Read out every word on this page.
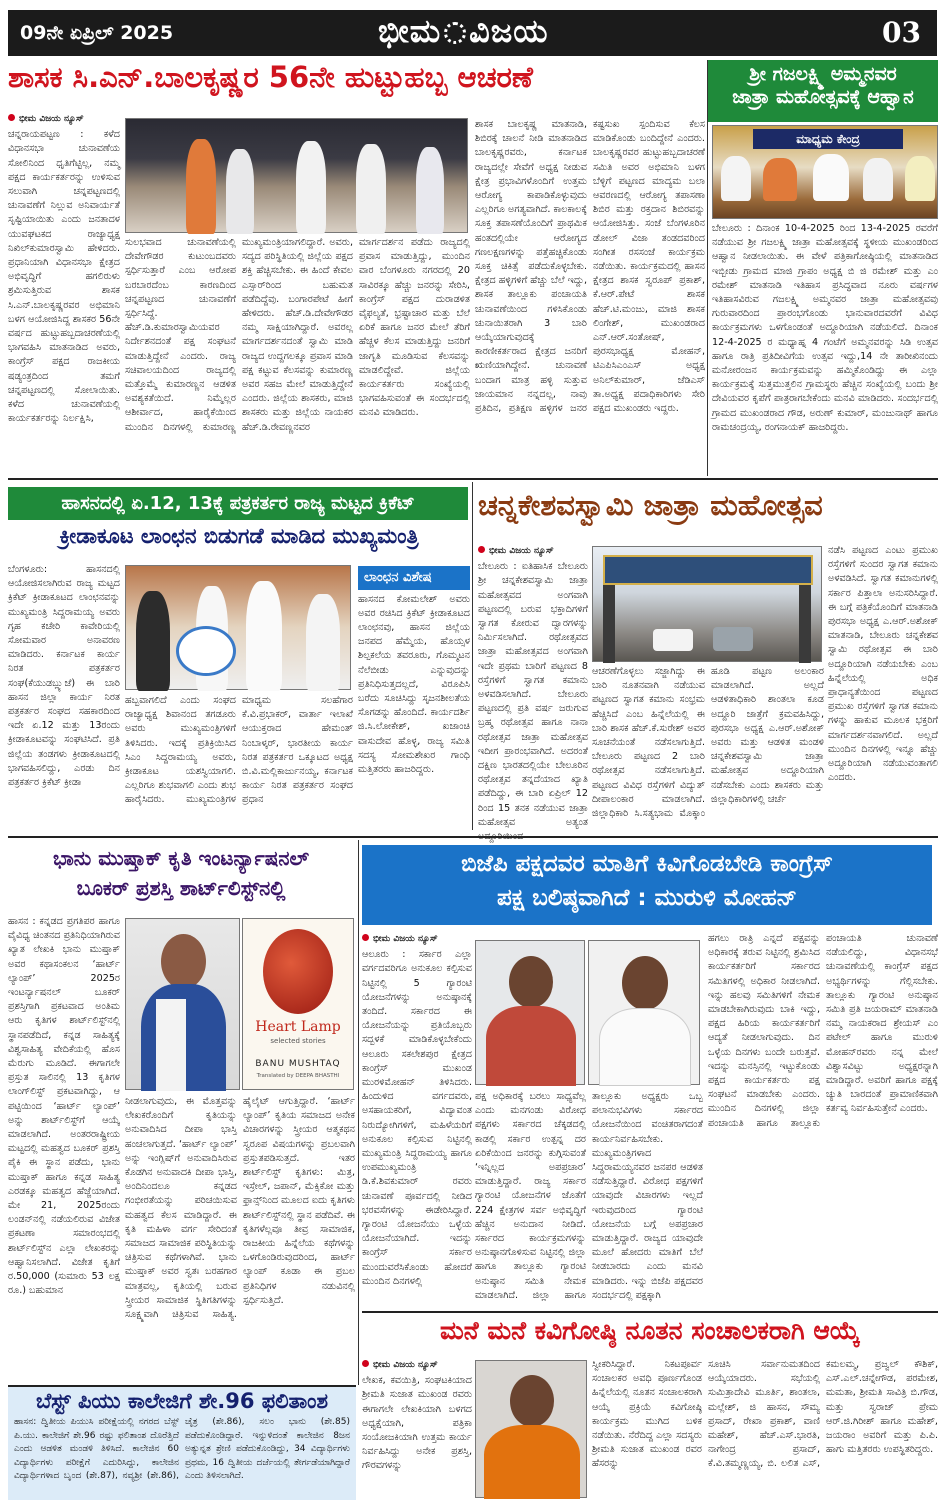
09ನೇ ಏಪ್ರಿಲ್ 2025	ಭೀಮ ವಿಜಯ	03
ಶಾಸಕ ಸಿ.ಎನ್.ಬಾಲಕೃಷ್ಣರ 56ನೇ ಹುಟ್ಟುಹಬ್ಬ ಆಚರಣೆ
ಭೀಮ ವಿಜಯ ನ್ಯೂಸ್
ಚನ್ನರಾಯಪಟ್ಟಣ : ಕಳೆದ ವಿಧಾನಸಭಾ ಚುನಾವಣೆಯ ಸೋಲಿನಿಂದ ಧೃತಿಗೆಟ್ಟಿಲ್ಲ, ನಮ್ಮ ಪಕ್ಷದ ಕಾರ್ಯಕರ್ತರನ್ನು ಉಳಿಸುವ ಸಲುವಾಗಿ ಚನ್ನಪಟ್ಟಣದಲ್ಲಿ ಚುನಾವಣೆಗೆ ನಿಲ್ಲುವ ಅನಿವಾರ್ಯತೆ ಸೃಷ್ಟಿಯಾಯಿತು ಎಂದು ಜನತಾದಳ ಯುವಘಟಕದ ರಾಜ್ಯಾಧ್ಯಕ್ಷ ನಿಖಿಲ್‌ಕುಮಾರಸ್ವಾಮಿ ಹೇಳಿದರು. ಪ್ರಧಾನಿಯಾಗಿ ವಿಧಾನಸಭಾ ಕ್ಷೇತ್ರದ ಅಭಿವೃದ್ಧಿಗೆ ಹಗಲಿರುಳು ಶ್ರಮಿಸುತ್ತಿರುವ ಶಾಸಕ ಸಿ.ಎನ್.ಬಾಲಕೃಷ್ಣರವರ ಅಭಿಮಾನಿ ಬಳಗ ಆಯೋಜಿಸಿದ್ದ ಶಾಸಕರ 56ನೇ ವರ್ಷದ ಹುಟ್ಟುಹಬ್ಬದಾಚರಣೆಯಲ್ಲಿ ಭಾಗವಹಿಸಿ ಮಾತನಾಡಿದ ಅವರು, ಕಾಂಗ್ರೆಸ್ ಪಕ್ಷದ ರಾಜಕೀಯ ಷಡ್ಯಂತ್ರದಿಂದ ತಮಗೆ ಚನ್ನಪಟ್ಟಣದಲ್ಲಿ ಸೋಲಾಯಿತು. ಕಳೆದ ಚುನಾವಣೆಯಲ್ಲಿ ಕಾರ್ಯಕರ್ತರನ್ನು ನಿರ್ಲಕ್ಷಿಸಿ,
ಸುಲಭವಾದ ಚುನಾವಣೆಯಲ್ಲಿ ದೇವೇಗೌಡರ ಕುಟುಂಬದವರು ಸ್ಪರ್ಧಿಸುತ್ತಾರೆ ಎಂಬ ಆರೋಪ ಬರಬಾರದೆಂಬ ಕಾರಣದಿಂದ ಚನ್ನಪಟ್ಟಣದ ಚುನಾವಣೆಗೆ ಸ್ಪರ್ಧಿಸಿದ್ದೆ. ಹೆಚ್.ಡಿ.ಕುಮಾರಸ್ವಾಮಿಯವರ ನಿರ್ದೇಶನದಂತೆ ಪಕ್ಷ ಸಂಘಟನೆ ಮಾಡುತ್ತಿದ್ದೇನೆ ಎಂದರು. ರಾಜ್ಯ ಸಚಿವಾಲಯದಿಂದ ರಾಜ್ಯದಲ್ಲಿ ಮತ್ತೊಮ್ಮೆ ಕುಮಾರಣ್ಣನ ಆಡಳಿತ ಅವಶ್ಯಕತೆಯಿದೆ. ನಿಮ್ಮೆಲ್ಲರ ಆಶೀರ್ವಾದ, ಹಾರೈಕೆಯಿಂದ ಮುಂದಿನ ದಿನಗಳಲ್ಲಿ ಕುಮಾರಣ್ಣ ಮುಖ್ಯಮಂತ್ರಿಯಾಗಲಿದ್ದಾರೆ. ಅವರು, ಸದ್ಯದ ಪರಿಸ್ಥಿತಿಯಲ್ಲಿ ಜಿಲ್ಲೆಯ ಪಕ್ಷದ ಶಕ್ತಿ ಹೆಚ್ಚಿಸಬೇಕು. ಈ ಹಿಂದೆ ಕೇವಲ ಎಸ್ಸಾರ್‌ರಿಂದ ಬಹುಮತ ಪಡೆದಿದ್ದೆವು. ಬಂಗಾರಪೇಟೆ ಹೀಗೆ ಹೇಳಿದರು. ಹೆಚ್.ಡಿ.ದೇವೇಗೌಡರ ನಮ್ಮ ಸಾಕ್ಷಿಯಾಗಿದ್ದಾರೆ. ಅವರಲ್ಲ ಮಾರ್ಗದರ್ಶನದಂತೆ ಸ್ವಾಮಿ ಮಾಡಿ ರಾಜ್ಯದ ಉದ್ದಗಲಕ್ಕೂ ಪ್ರವಾಸ ಮಾಡಿ ಪಕ್ಷ ಕಟ್ಟುವ ಕೆಲಸವನ್ನು ಕುಮಾರಣ್ಣ ಅವರ ಸಹಜ ಮೇಲೆ ಮಾಡುತ್ತಿದ್ದೇನೆ ಎಂದರು. ಜಿಲ್ಲೆಯ ಶಾಸಕರು, ಮಾಜಿ ಶಾಸಕರು ಮತ್ತು ಜಿಲ್ಲೆಯ ನಾಯಕರ ಹೆಚ್.ಡಿ.ರೇವಣ್ಣನವರ ಮಾರ್ಗದರ್ಶನ ಪಡೆದು ರಾಜ್ಯದಲ್ಲಿ ಪ್ರವಾಸ ಮಾಡುತ್ತಿದ್ದು, ಮುಂದಿನ ವಾರ ಬೆಂಗಳೂರು ನಗರದಲ್ಲಿ 20 ಸಾವಿರಕ್ಕೂ ಹೆಚ್ಚು ಜನರನ್ನು ಸೇರಿಸಿ, ಕಾಂಗ್ರೆಸ್ ಪಕ್ಷದ ದುರಾಡಳಿತ ವೈಫಲ್ಯತೆ, ಭ್ರಷ್ಟಾಚಾರ ಮತ್ತು ಬೆಲೆ ಏರಿಕೆ ಹಾಗೂ ಜನರ ಮೇಲೆ ತೆರಿಗೆ ಹೆಚ್ಚಳ ಕೆಲಸ ಮಾಡುತ್ತಿದ್ದು ಜನರಿಗೆ ಜಾಗೃತಿ ಮೂಡಿಸುವ ಕೆಲಸವನ್ನು ಮಾಡಲಿದ್ದೇವೆ. ಜಿಲ್ಲೆಯ ಕಾರ್ಯಕರ್ತರು ಸಂಖ್ಯೆಯಲ್ಲಿ ಭಾಗವಹಿಸುವಂತೆ ಈ ಸಂದರ್ಭದಲ್ಲಿ ಮನವಿ ಮಾಡಿದರು.
ಶಾಸಕ ಬಾಲಕೃಷ್ಣ ಮಾತನಾಡಿ, ಶಿಬಿರಕ್ಕೆ ಚಾಲನೆ ನೀಡಿ ಮಾತನಾಡಿದ ಬಾಲಕೃಷ್ಣರವರು, ಕರ್ನಾಟಕ ರಾಜ್ಯದಲ್ಲೇ ಸೇವೆಗೆ ಅಧ್ಯಕ್ಷ ನೀಡುವ ಕ್ಷೇತ್ರ ಪ್ರಭಾವಿಗಳೊಂದಿಗೆ ಉತ್ತಮ ಆರೋಗ್ಯ ಕಾಪಾಡಿಕೊಳ್ಳುವುದು ಎಲ್ಲರಿಗೂ ಅಗತ್ಯವಾಗಿದೆ. ಕಾಲಕಾಲಕ್ಕೆ ಸೂಕ್ತ ತಪಾಸಣೆಯೊಂದಿಗೆ ಪ್ರಾಥಮಿಕ ಹಂತದಲ್ಲಿಯೇ ಆರೋಗ್ಯದ ಗಣಲಕ್ಷಣಗಳನ್ನು ಪತ್ತೆಹಚ್ಚಿಕೊಂಡು ಸೂಕ್ತ ಚಿಕಿತ್ಸೆ ಪಡೆದುಕೊಳ್ಳಬೇಕು. ಕ್ಷೇತ್ರದ ಹಳ್ಳಿಗಳಿಗೆ ಹೆಚ್ಚು ಬೆಲೆ ಇದ್ದು, ಶಾಸಕ ತಾಲ್ಲೂಕು ಪಂಚಾಯತಿ ಚುನಾವಣೆಯಿಂದ ಗಳಿಸಿಕೊಂಡು ಚುನಾಯಿತರಾಗಿ 3 ಬಾರಿ ಆಯ್ಕೆಯಾಗುವುದಕ್ಕೆ ಕಾರಣೀಕರ್ತರಾದ ಕ್ಷೇತ್ರದ ಜನರಿಗೆ ಋಣಿಯಾಗಿದ್ದೇನೆ. ಚುನಾವಣೆ ಬಂದಾಗ ಮಾತ್ರ ಹಳ್ಳಿ ಸುತ್ತುವ ಜಾಯಮಾನ ನನ್ನದಲ್ಲ, ನಾವು ಪ್ರತಿದಿನ, ಪ್ರತಿಕ್ಷಣ ಹಳ್ಳಿಗಳ ಜನರ ಕಷ್ಟಸುಖ ಸ್ಪಂದಿಸುವ ಕೆಲಸ ಮಾಡಿಕೊಂಡು ಬಂದಿದ್ದೇನೆ ಎಂದರು. ಬಾಲಕೃಷ್ಣರವರ ಹುಟ್ಟುಹಬ್ಬದಾಚರಣೆ ಸಮಿತಿ ಅವರ ಅಭಿಮಾನಿ ಬಳಗ ಬೆಳ್ಳಿಗೆ ಪಟ್ಟಣದ ಮಾದ್ಯಮ ಬಲಾ ಆವರಣದಲ್ಲಿ ಆರೋಗ್ಯ ತಪಾಸಣಾ ಶಿಬಿರ ಮತ್ತು ರಕ್ತದಾನ ಶಿಬಿರವನ್ನು ಆಯೋಜಿಸಿತ್ತು. ಸಂಜೆ ಬೆಂಗಳೂರಿನ ಡೋಲ್ ವಿಜಾ ತಂಡದವರಿಂದ ಸಂಗೀತ ರಸಸಂಜೆ ಕಾರ್ಯಕ್ರಮ ನಡೆಯಿತು. ಕಾರ್ಯಕ್ರಮದಲ್ಲಿ ಹಾಸನ ಕ್ಷೇತ್ರದ ಶಾಸಕ ಸ್ವರೂಪ್ ಪ್ರಕಾಶ್, ಕೆ.ಆರ್.ಪೇಟೆ ಶಾಸಕ ಹೆಚ್.ಟಿ.ಮಂಜು, ಮಾಜಿ ಶಾಸಕ ಲಿಂಗೇಶ್, ಮುಖಂಡರಾದ ಎನ್.ಆರ್.ಸಂತೋಷ್, ಪುರಸಭಾಧ್ಯಕ್ಷ ಮೋಹನ್, ಟಿಎಪಿಸಿಎಂಎಸ್ ಅಧ್ಯಕ್ಷ ಅನಿಲ್‌ಕುಮಾರ್, ಜೆಡಿಎಸ್ ತಾ.ಅಧ್ಯಕ್ಷ ಪದಾಧಿಕಾರಿಗಳು ಸೇರಿ ಪಕ್ಷದ ಮುಖಂಡರು ಇದ್ದರು.
ಶ್ರೀ ಗಜಲಕ್ಷ್ಮಿ ಅಮ್ಮನವರ
ಜಾತ್ರಾ ಮಹೋತ್ಸವಕ್ಕೆ ಆಹ್ವಾನ
ಮಾಧ್ಯಮ ಕೇಂದ್ರ
ಬೇಲೂರು : ದಿನಾಂಕ 10-4-2025 ರಿಂದ 13-4-2025 ರವರೆಗೆ ನಡೆಯುವ ಶ್ರೀ ಗಜಲಕ್ಷ್ಮಿ ಜಾತ್ರಾ ಮಹೋತ್ಸವಕ್ಕೆ ಸ್ಥಳೀಯ ಮುಖಂಡರಿಂದ ಆಹ್ವಾನ ನೀಡಲಾಯಿತು. ಈ ವೇಳೆ ಪತ್ರಿಕಾಗೋಷ್ಠಿಯಲ್ಲಿ ಮಾತನಾಡಿದ ಇಬ್ಬೀಡು ಗ್ರಾಮದ ಮಾಜಿ ಗ್ರಾಪಂ ಅಧ್ಯಕ್ಷ ಬಿ ಜಿ ರಮೇಶ್ ಮತ್ತು ಎಂ ರಮೇಶ್ ಮಾತನಾಡಿ ಇತಿಹಾಸ ಪ್ರಸಿದ್ಧವಾದ ನೂರು ವರ್ಷಗಳ ಇತಿಹಾಸವಿರುವ ಗಜಲಕ್ಷ್ಮಿ ಅಮ್ಮನವರ ಜಾತ್ರಾ ಮಹೋತ್ಸವವು ಗುರುವಾರದಿಂದ ಪ್ರಾರಂಭಗೊಂಡು ಭಾನುವಾರದವರೆಗೆ ವಿವಿಧ ಕಾರ್ಯಕ್ರಮಗಳು ಒಳಗೊಂಡಂತೆ ಅದ್ದೂರಿಯಾಗಿ ನಡೆಯಲಿದೆ. ದಿನಾಂಕ 12-4-2025 ರ ಮಧ್ಯಾಹ್ನ 4 ಗಂಟೆಗೆ ಅಮ್ಮನವರನ್ನು ಸಿಡಿ ಉತ್ಸವ ಹಾಗೂ ರಾತ್ರಿ ಪ್ರತಿದೀವಿಗೆಯ ಉತ್ಸವ ಇದ್ದು,14 ನೇ ತಾರೀಖಿನಂದು ಮನೋರಂಜನ ಕಾರ್ಯಕ್ರಮವನ್ನು ಹಮ್ಮಿಕೊಂಡಿದ್ದು ಈ ಎಲ್ಲಾ ಕಾರ್ಯಕ್ರಮಕ್ಕೆ ಸುತ್ತಮುತ್ತಲಿನ ಗ್ರಾಮಸ್ಥರು ಹೆಚ್ಚಿನ ಸಂಖ್ಯೆಯಲ್ಲಿ ಬಂದು ಶ್ರೀ ದೇವಿಯವರ ಕೃಪೆಗೆ ಪಾತ್ರರಾಗಬೇಕೆಂದು ಮನವಿ ಮಾಡಿದರು. ಸಂದರ್ಭದಲ್ಲಿ ಗ್ರಾಮದ ಮುಖಂಡರಾದ ಗೌಡ, ಅರುಣ್ ಕುಮಾರ್, ಮಂಜುನಾಥ್ ಹಾಗೂ ರಾಮಚಂದ್ರಯ್ಯ, ರಂಗನಾಯಕ್ ಹಾಜರಿದ್ದರು.
ಹಾಸನದಲ್ಲಿ ಏ.12, 13ಕ್ಕೆ ಪತ್ರಕರ್ತರ ರಾಜ್ಯ ಮಟ್ಟದ ಕ್ರಿಕೆಟ್
ಕ್ರೀಡಾಕೂಟ ಲಾಂಛನ ಬಿಡುಗಡೆ ಮಾಡಿದ ಮುಖ್ಯಮಂತ್ರಿ
ಬೆಂಗಳೂರು: ಹಾಸನದಲ್ಲಿ ಆಯೋಜಿಸಲಾಗಿರುವ ರಾಜ್ಯ ಮಟ್ಟದ ಕ್ರಿಕೆಟ್ ಕ್ರೀಡಾಕೂಟದ ಲಾಂಛನವನ್ನು ಮುಖ್ಯಮಂತ್ರಿ ಸಿದ್ದರಾಮಯ್ಯ ಅವರು ಗೃಹ ಕಚೇರಿ ಕಾವೇರಿಯಲ್ಲಿ ಸೋಮವಾರ ಅನಾವರಣ ಮಾಡಿದರು. ಕರ್ನಾಟಕ ಕಾರ್ಯ ನಿರತ ಪತ್ರಕರ್ತರ ಸಂಘ(ಕೆಯುಡಬ್ಲ್ಯುಜೆ) ಈ ಬಾರಿ ಹಾಸನ ಜಿಲ್ಲಾ ಕಾರ್ಯ ನಿರತ ಪತ್ರಕರ್ತರ ಸಂಘದ ಸಹಕಾರದಿಂದ ಇದೇ ಏ.12 ಮತ್ತು 13ರಂದು ಕ್ರೀಡಾಕೂಟವನ್ನು ಸಂಘಟಿಸಿದೆ. ಪ್ರತಿ ಜಿಲ್ಲೆಯ ತಂಡಗಳು ಕ್ರೀಡಾಕೂಟದಲ್ಲಿ ಭಾಗವಹಿಸಲಿದ್ದು, ಎರಡು ದಿನ ಪತ್ರಕರ್ತರ ಕ್ರಿಕೆಟ್ ಕ್ರೀಡಾ
ಹಬ್ಬವಾಗಲಿದೆ ಎಂದು ಸಂಘದ ರಾಜ್ಯಾಧ್ಯಕ್ಷ ಶಿವಾನಂದ ತಗಡೂರು ಅವರು ಮುಖ್ಯಮಂತ್ರಿಗಳಿಗೆ ತಿಳಿಸಿದರು. ಇದಕ್ಕೆ ಪ್ರತಿಕ್ರಿಯಿಸಿದ ಸಿಎಂ ಸಿದ್ದರಾಮಯ್ಯ ಅವರು, ಕ್ರೀಡಾಕೂಟ ಯಶಸ್ವಿಯಾಗಲಿ. ಎಲ್ಲರಿಗೂ ಶುಭವಾಗಲಿ ಎಂದು ಶುಭ ಹಾರೈಸಿದರು. ಮುಖ್ಯಮಂತ್ರಿಗಳ ಮಾಧ್ಯಮ ಸಲಹೆಗಾರ ಕೆ.ವಿ.ಪ್ರಭಾಕರ್, ವಾರ್ತಾ ಇಲಾಖೆ ಆಯುಕ್ತರಾದ ಹೇಮಂತ್ ನಿಂಬಾಳ್ಕರ್, ಭಾರತೀಯ ಕಾರ್ಯ ನಿರತ ಪತ್ರಕರ್ತರ ಒಕ್ಕೂಟದ ಅಧ್ಯಕ್ಷ ಬಿ.ವಿ.ಮಲ್ಲಿಕಾರ್ಜುನಯ್ಯ, ಕರ್ನಾಟಕ ಕಾರ್ಯ ನಿರತ ಪತ್ರಕರ್ತರ ಸಂಘದ ಪ್ರಧಾನ
ಲಾಂಛನ ವಿಶೇಷ
ಹಾಸನದ ಕೋಮಲೇಶ್ ಅವರು ಅವರ ರಚಿಸಿದ ಕ್ರಿಕೆಟ್ ಕ್ರೀಡಾಕೂಟದ ಲಾಂಛನವು, ಹಾಸನ ಜಿಲ್ಲೆಯ ಜನಪದ ಹೆಮ್ಮೆಯ, ಹೊಯ್ಸಳ ಶಿಲ್ಪಕಲೆಯ ತವರೂರು, ಗೊಮ್ಮಟನ ನೆಲೆಬೀಡು ಎನ್ನುವುದನ್ನು ಪ್ರತಿನಿಧಿಸುತ್ತದಲ್ಲದೆ, ವಿರೂಪಿಸಿ ಬರೆದು ಸೂಚಿಸಿದ್ದು ಸೃಜನಶೀಲತೆಯ ಸೊಗಡನ್ನು ಹೊಂದಿದೆ. ಕಾರ್ಯದರ್ಶಿ ಜಿ.ಸಿ.ಲೋಕೇಶ್, ಖಜಾಂಚಿ ವಾಸುದೇವ ಹೊಳ್ಳ, ರಾಜ್ಯ ಸಮಿತಿ ಸದಸ್ಯ ಸೋಮಶೇಖರ ಗಾಂಧಿ ಮತ್ತಿತರರು ಹಾಜರಿದ್ದರು.
ಚನ್ನಕೇಶವಸ್ವಾಮಿ ಜಾತ್ರಾ ಮಹೋತ್ಸವ
ಭೀಮ ವಿಜಯ ನ್ಯೂಸ್
ಬೇಲೂರು : ಐತಿಹಾಸಿಕ ಬೇಲೂರು ಶ್ರೀ ಚನ್ನಕೇಶವಸ್ವಾಮಿ ಜಾತ್ರಾ ಮಹೋತ್ಸವದ ಅಂಗವಾಗಿ ಪಟ್ಟಣದಲ್ಲಿ ಬರುವ ಭಕ್ತಾದಿಗಳಿಗೆ ಸ್ವಾಗತ ಕೋರುವ ದ್ವಾರಗಳನ್ನು ನಿರ್ಮಿಸಲಾಗಿದೆ. ರಥೋತ್ಸವದ ಜಾತ್ರಾ ಮಹೋತ್ಸವದ ಅಂಗವಾಗಿ ಇದೇ ಪ್ರಥಮ ಬಾರಿಗೆ ಪಟ್ಟಣದ 8 ರಸ್ತೆಗಳಿಗೆ ಸ್ವಾಗತ ಕಮಾನು ಅಳವಡಿಸಲಾಗಿದೆ. ಬೇಲೂರು ಪಟ್ಟಣದಲ್ಲಿ ಪ್ರತಿ ವರ್ಷ ಜರುಗುವ ಬ್ರಹ್ಮ ರಥೋತ್ಸವ ಹಾಗೂ ನಾನಾ ರಥೋತ್ಸವ ಜಾತ್ರಾ ಮಹೋತ್ಸವ ಇದೀಗ ಪ್ರಾರಂಭವಾಗಿದೆ. ಅದರಂತೆ ದಕ್ಷಿಣ ಭಾರತದಲ್ಲಿಯೇ ಬೇಲೂರಿನ ರಥೋತ್ಸವ ತನ್ನದೆಯಾದ ಖ್ಯಾತಿ ಪಡೆದಿದ್ದು, ಈ ಬಾರಿ ಏಪ್ರಿಲ್ 12 ರಿಂದ 15 ತನಕ ನಡೆಯುವ ಜಾತ್ರಾ ಮಹೋತ್ಸವ ಅತ್ಯಂತ
ಆಚರಣೆಗೊಳ್ಳಲು ಸಜ್ಜಾಗಿದ್ದು ಈ ಬಾರಿ ನೂತನವಾಗಿ ನಡೆಯುವ ಪಟ್ಟಣದ ಸ್ವಾಗತ ಕಮಾನು ಸಂಭ್ರಮ ಹೆಚ್ಚಿಸಿದೆ ಎಂಬ ಹಿನ್ನೆಲೆಯಲ್ಲಿ ಈ ಬಾರಿ ಶಾಸಕ ಹೆಚ್.ಕೆ.ಸುರೇಶ್ ಅವರ ಸೂಚನೆಯಂತೆ ನಡೆಸಲಾಗುತ್ತಿದೆ. ಬೇಲೂರು ಪಟ್ಟಣದ 2 ಬಾರಿ ರಥೋತ್ಸವ ನಡೆಸಲಾಗುತ್ತಿದೆ. ಪಟ್ಟಣದ ವಿವಿಧ ರಸ್ತೆಗಳಿಗೆ ವಿದ್ಯುತ್ ದೀಪಾಲಂಕಾರ ಮಾಡಲಾಗಿದೆ. ಜಿಲ್ಲಾಧಿಕಾರಿ ಸಿ.ಸತ್ಯಭಾಮ ಮೊಕ್ಕಾಂ ಹೂಡಿ ಪಟ್ಟಣ ಅಲಂಕಾರ ಮಾಡಲಾಗಿದೆ. ಅಲ್ಲದೆ ಆಡಳಿತಾಧಿಕಾರಿ ಶಾಂತಲಾ ಕೂಡ ಅದ್ದೂರಿ ಜಾತ್ರೆಗೆ ಕ್ರಮವಹಿಸಿದ್ದು, ಪುರಸಭಾ ಅಧ್ಯಕ್ಷ ಎ.ಆರ್.ಅಶೋಕ್ ಅವರು ಮತ್ತು ಆಡಳಿತ ಮಂಡಳಿ ಚನ್ನಕೇಶವಸ್ವಾಮಿ ಜಾತ್ರಾ ಮಹೋತ್ಸವ ಅದ್ದೂರಿಯಾಗಿ ನಡೆಸಬೇಕು ಎಂದು ಶಾಸಕರು ಮತ್ತು ಜಿಲ್ಲಾಧಿಕಾರಿಗಳಲ್ಲಿ ಚರ್ಚೆ
ನಡೆಸಿ ಪಟ್ಟಣದ ಎಂಟು ಪ್ರಮುಖ ರಸ್ತೆಗಳಿಗೆ ಸುಂದರ ಸ್ವಾಗತ ಕಮಾನು ಅಳವಡಿಸಿದೆ. ಸ್ವಾಗತ ಕಮಾನುಗಳಲ್ಲಿ ಸರ್ಕಾರ ಪಿತ್ತಾಲಾ ಅನುಸರಿಸಿದ್ದಾರೆ. ಈ ಬಗ್ಗೆ ಪತ್ರಿಕೆಯೊಂದಿಗೆ ಮಾತನಾಡಿ ಪುರಸಭಾ ಅಧ್ಯಕ್ಷ ಎ.ಆರ್.ಅಶೋಕ್ ಮಾತನಾಡಿ, ಬೇಲೂರು ಚನ್ನಕೇಶವ ಸ್ವಾಮಿ ರಥೋತ್ಸವ ಈ ಬಾರಿ ಅದ್ದೂರಿಯಾಗಿ ನಡೆಯಬೇಕು ಎಂಬ ಹಿನ್ನೆಲೆಯಲ್ಲಿ ಅಧಿಕ ಪ್ರಾಧಾನ್ಯತೆಯಿಂದ ಪಟ್ಟಣದ ಪ್ರಮುಖ ರಸ್ತೆಗಳಿಗೆ ಸ್ವಾಗತ ಕಮಾನು ಗಳನ್ನು ಹಾಕುವ ಮೂಲಕ ಭಕ್ತರಿಗೆ ಮಾರ್ಗದರ್ಶನವಾಗಲಿದೆ. ಅಲ್ಲದೆ ಮುಂದಿನ ದಿನಗಳಲ್ಲಿ ಇನ್ನೂ ಹೆಚ್ಚು ಅದ್ದೂರಿಯಾಗಿ ನಡೆಯುವಂತಾಗಲಿ ಎಂದರು.
ಭಾನು ಮುಷ್ತಾಕ್ ಕೃತಿ ಇಂಟರ್ನ್ಯಾಷನಲ್
ಬೂಕರ್ ಪ್ರಶಸ್ತಿ ಶಾರ್ಟ್‌ಲಿಸ್ಟ್‌ನಲ್ಲಿ
ಹಾಸನ : ಕನ್ನಡದ ಪ್ರಗತಿಪರ ಹಾಗೂ ವೈವಿಧ್ಯ ಚಿಂತನದ ಪ್ರತಿನಿಧಿಯಾಗಿರುವ ಖ್ಯಾತ ಲೇಖಕಿ ಭಾನು ಮುಷ್ತಾಕ್ ಅವರ ಕಥಾಸಂಕಲನ ‘ಹಾರ್ಟ್ ಲ್ಯಾಂಪ್’ 2025ರ ಇಂಟರ್ನ್ಯಾಷನಲ್ ಬೂಕರ್ ಪ್ರಶಸ್ತಿಗಾಗಿ ಪ್ರಕಟವಾದ ಅಂತಿಮ ಆರು ಕೃತಿಗಳ ಶಾರ್ಟ್‌ಲಿಸ್ಟ್‌ನಲ್ಲಿ ಸ್ಥಾನಪಡೆದಿದೆ, ಕನ್ನಡ ಸಾಹಿತ್ಯಕ್ಕೆ ವಿಶ್ವಸಾಹಿತ್ಯ ವೇದಿಕೆಯಲ್ಲಿ ಹೊಸ ಮೆರುಗು ಮೂಡಿದೆ. ಈಗಾಗಲೇ ಪ್ರಸ್ತುತ ಸಾಲಿನಲ್ಲಿ 13 ಕೃತಿಗಳ ಲಾಂಗ್‌ಲಿಸ್ಟ್ ಪ್ರಕಟವಾಗಿದ್ದು, ಆ ಪಟ್ಟಿಯಿಂದ ‘ಹಾರ್ಟ್ ಲ್ಯಾಂಪ್’ ಅನ್ನು ಶಾರ್ಟ್‌ಲಿಸ್ಟ್‌ಗೆ ಆಯ್ಕೆ ಮಾಡಲಾಗಿದೆ. ಅಂತರರಾಷ್ಟ್ರೀಯ ಮಟ್ಟದಲ್ಲಿ ಮಹತ್ವದ ಬೂಕರ್ ಪ್ರಶಸ್ತಿ ಪೈಕಿ ಈ ಸ್ಥಾನ ಪಡೆದು, ಭಾನು ಮುಷ್ತಾಕ್ ಹಾಗೂ ಕನ್ನಡ ಸಾಹಿತ್ಯ ಎರಡಕ್ಕೂ ಮಹತ್ವದ ಹೆಜ್ಜೆಯಾಗಿದೆ. ಮೇ 21, 2025ರಂದು ಲಂಡನ್‌ನಲ್ಲಿ ನಡೆಯಲಿರುವ ವಿಜೇತ ಪ್ರಕಟಣಾ ಸಮಾರಂಭದಲ್ಲಿ ಶಾರ್ಟ್‌ಲಿಸ್ಟ್‌ನ ಎಲ್ಲಾ ಲೇಖಕರನ್ನು ಆಹ್ವಾನಿಸಲಾಗಿದೆ. ವಿಜೇತ ಕೃತಿಗೆ ರ.50,000 (ಸುಮಾರು 53 ಲಕ್ಷ ರೂ.) ಬಹುಮಾನ
Heart Lamp
selected stories
BANU MUSHTAQ
Translated by DEEPA BHASTHI
ನೀಡಲಾಗುವುದು, ಈ ಮೊತ್ತವನ್ನು ಲೇಖಕರೊಂದಿಗೆ ಕೃತಿಯನ್ನು ಅನುವಾದಿಸಿದ ದೀಪಾ ಭಾಸ್ತಿ ಹಂಚಲಾಗುತ್ತದೆ. ‘ಹಾರ್ಟ್ ಲ್ಯಾಂಪ್’ ಅನ್ನು ಇಂಗ್ಲಿಷ್‌ಗೆ ಅನುವಾದಿಸಿರುವ ಕೊಡಗಿನ ಅನುವಾದಕಿ ದೀಪಾ ಭಾಸ್ತಿ, ಅಂದಿನಿಂದಲೂ ಕನ್ನಡದ ಗಂಭೀರತೆಯನ್ನು ಪರಿಚಯಿಸುವ ಮಹತ್ವದ ಕೆಲಸ ಮಾಡಿದ್ದಾರೆ. ಈ ಕೃತಿ ಮಹಿಳಾ ವರ್ಗ ಸೇರಿದಂತೆ ಸಮಾಜದ ಸಾಮಾಜಿಕ ಪರಿಸ್ಥಿತಿಯನ್ನು ಚಿತ್ರಿಸುವ ಕಥೆಗಳಾಗಿವೆ. ಭಾನು ಮುಷ್ತಾಕ್ ಅವರ ಸ್ವತಃ ಬರಹಗಾರ ಮಾತ್ರವಲ್ಲ, ಕೃತಿಯಲ್ಲಿ ಬರುವ ಸ್ತ್ರೀಯರ ಸಾಮಾಜಿಕ ಸ್ಥಿತಿಗತಿಗಳನ್ನು ಸೂಕ್ಷ್ಮವಾಗಿ ಚಿತ್ರಿಸುವ ಸಾಹಿತ್ಯ. ಹೈಲೈಟ್ ಆಗುತ್ತಿದ್ದಾರೆ. ‘ಹಾರ್ಟ್ ಲ್ಯಾಂಪ್’ ಕೃತಿಯ ಸಮಾಜದ ಅನೇಕ ವಿಚಾರಗಳನ್ನು ಸ್ತ್ರೀಯರ ಆತ್ಮಕಥನ ಸ್ವರೂಪ ವಿಷಯಗಳನ್ನು ಪ್ರಬಲವಾಗಿ ಪ್ರಸ್ತುತಪಡಿಸುತ್ತದೆ. ಇತರ ಶಾರ್ಟ್‌ಲಿಸ್ಟ್ ಕೃತಿಗಳು: ಮಿತ್ರ, ಇಸ್ರೇಲ್, ಜಪಾನ್, ಮೆಕ್ಸಿಕೋ ಮತ್ತು ಫ್ರಾನ್ಸ್‌ನಿಂದ ಮೂಲದ ಐದು ಕೃತಿಗಳು ಶಾರ್ಟ್‌ಲಿಸ್ಟ್‌ನಲ್ಲಿ ಸ್ಥಾನ ಪಡೆದಿವೆ. ಈ ಕೃತಿಗಳೆಲ್ಲವೂ ತೀವ್ರ ಸಾಮಾಜಿಕ, ರಾಜಕೀಯ ಹಿನ್ನೆಲೆಯ ಕಥೆಗಳನ್ನು ಒಳಗೊಂಡಿರುವುದರಿಂದ, ಹಾರ್ಟ್ ಲ್ಯಾಂಪ್ ಕೂಡಾ ಈ ಪ್ರಬಲ ಪ್ರತಿನಿಧಿಗಳ ನಡುವಿನಲ್ಲಿ ಸ್ಪರ್ಧಿಸುತ್ತಿದೆ.
ಬಿಜೆಪಿ ಪಕ್ಷದವರ ಮಾತಿಗೆ ಕಿವಿಗೊಡಬೇಡಿ ಕಾಂಗ್ರೆಸ್
ಪಕ್ಷ ಬಲಿಷ್ಠವಾಗಿದೆ : ಮುರುಳಿ ಮೋಹನ್
ಭೀಮ ವಿಜಯ ನ್ಯೂಸ್
ಆಲೂರು : ಸರ್ಕಾರ ಎಲ್ಲಾ ವರ್ಗದವರಿಗೂ ಅನುಕೂಲ ಕಲ್ಪಿಸುವ ನಿಟ್ಟಿನಲ್ಲಿ 5 ಗ್ಯಾರಂಟಿ ಯೋಜನೆಗಳನ್ನು ಅನುಷ್ಠಾನಕ್ಕೆ ತಂದಿದೆ. ಸರ್ಕಾರದ ಈ ಯೋಜನೆಯನ್ನು ಪ್ರತಿಯೊಬ್ಬರು ಸದ್ಬಳಕೆ ಮಾಡಿಕೊಳ್ಳಬೇಕೆಂದು ಆಲೂರು ಸಕಲೇಶಪುರ ಕ್ಷೇತ್ರದ ಕಾಂಗ್ರೆಸ್ ಮುಖಂಡ ಮುರಳಿಮೋಹನ್ ತಿಳಿಸಿದರು. ಹಿಂದುಳಿದ ವರ್ಗದವರು, ಅಸಹಾಯಕರಿಗೆ, ವಿದ್ಯಾವಂತ ನಿರುದ್ಯೋಗಿಗಳಿಗೆ, ಮಹಿಳೆಯರಿಗೆ ಅನುಕೂಲ ಕಲ್ಪಿಸುವ ನಿಟ್ಟಿನಲ್ಲಿ ಮುಖ್ಯಮಂತ್ರಿ ಸಿದ್ದರಾಮಯ್ಯ ಹಾಗೂ ಉಪಮುಖ್ಯಮಂತ್ರಿ ಡಿ.ಕೆ.ಶಿವಕುಮಾರ್ ರವರು ಚುನಾವಣೆ ಪೂರ್ವದಲ್ಲಿ ನೀಡಿದ ಭರವಸೆಗಳನ್ನು ಈಡೇರಿಸಿದ್ದಾರೆ. ಗ್ಯಾರಂಟಿ ಯೋಜನೆಯು ಒಳ್ಳೆಯ ಯೋಜನೆಯಾಗಿದೆ. ಇದನ್ನು ಕಾಂಗ್ರೆಸ್ ಸರ್ಕಾರ ಮುಂದುವರೆಸಿಕೊಂಡು ಹೋದರೆ ಮುಂದಿನ ದಿನಗಳಲ್ಲಿ
ಪಕ್ಷ ಅಧಿಕಾರಕ್ಕೆ ಬರಲು ಸಾಧ್ಯವೆಲ್ಲ ಎಂದು ಮನಗಂಡು ವಿರೋಧ ಪಕ್ಷಗಳು ಸರ್ಕಾರದ ಚೆಕ್ಕಡದಲ್ಲಿ ಕಾಡಲ್ಲಿ ಸರ್ಕಾರ ಉತ್ಪನ್ನ ದರ ಏರಿಕೆಯಿಂದ ಜನರನ್ನು ಕುಗ್ಗಿಸುವಂತೆ ‘ಇನ್ನಿಲ್ಲದ ಅಪಪ್ರಚಾರ’ ಮಾಡುತ್ತಿದ್ದಾರೆ. ರಾಜ್ಯ ಸರ್ಕಾರ ಗ್ಯಾರಂಟಿ ಯೋಜನೆಗಳ ಜೊತೆಗೆ 224 ಕ್ಷೇತ್ರಗಳ ಸರ್ವ ಅಭಿವೃದ್ಧಿಗೆ ಹೆಚ್ಚಿನ ಅನುದಾನ ನೀಡಿದೆ. ಸರ್ಕಾರದ ಕಾರ್ಯಕ್ರಮಗಳನ್ನು ಅನುಷ್ಠಾನಗೊಳಿಸುವ ನಿಟ್ಟಿನಲ್ಲಿ ಜಿಲ್ಲಾ ಹಾಗೂ ತಾಲ್ಲೂಕು ಗ್ಯಾರಂಟಿ ಅನುಷ್ಠಾನ ಸಮಿತಿ ನೇಮಕ ಮಾಡಲಾಗಿದೆ. ಜಿಲ್ಲಾ ಹಾಗೂ ತಾಲ್ಲೂಕು ಅಧ್ಯಕ್ಷರು ಒಬ್ಬ ಪಲಾನುಭವಿಗಳು ಸರ್ಕಾರದ ಯೋಜನೆಯಿಂದ ವಂಚಿತರಾಗದಂತೆ ಕಾರ್ಯನಿರ್ವಹಿಸಬೇಕು. ಮುಖ್ಯಮಂತ್ರಿಗಳಾದ ಸಿದ್ದರಾಮಯ್ಯನವರ ಜನಪರ ಆಡಳಿತ ನಡೆಸುತ್ತಿದ್ದಾರೆ. ವಿರೋಧ ಪಕ್ಷಗಳಿಗೆ ಯಾವುದೇ ವಿಚಾರಗಳು ಇಲ್ಲದೆ ಇರುವುದರಿಂದ ಗ್ಯಾರಂಟಿ ಯೋಜನೆಯ ಬಗ್ಗೆ ಅಪಪ್ರಚಾರ ಮಾಡುತ್ತಿದ್ದಾರೆ. ರಾಜ್ಯದ ಯಾವುದೇ ಮೂಲೆ ಹೋದರು ಮಾತಿಗೆ ಬೆಲೆ ನೀಡಬಾರದು ಎಂದು ಮನವಿ ಮಾಡಿದರು. ಇನ್ನು ಬಿಜೆಪಿ ಪಕ್ಷದವರ ಸಂದರ್ಭದಲ್ಲಿ ಪಕ್ಷಕ್ಕಾಗಿ
ಹಗಲು ರಾತ್ರಿ ಎನ್ನದೆ ಪಕ್ಷವನ್ನು ಅಧಿಕಾರಕ್ಕೆ ತರುವ ನಿಟ್ಟಿನಲ್ಲಿ ಶ್ರಮಿಸಿದ ಕಾರ್ಯಕರ್ತರಿಗೆ ಸರ್ಕಾರದ ಸಮಿತಿಗಳಲ್ಲಿ ಅಧಿಕಾರ ನೀಡಲಾಗಿದೆ. ಇನ್ನು ಹಲವು ಸಮಿತಿಗಳಿಗೆ ನೇಮಕ ಮಾಡಬೇಕಾಗಿರುವುದು ಬಾಕಿ ಇದ್ದು, ಪಕ್ಷದ ಹಿರಿಯ ಕಾರ್ಯಕರ್ತರಿಗೆ ಆದ್ಯತೆ ನೀಡಲಾಗುವುದು. ದಿನ ಒಳ್ಳೆಯ ದಿನಗಳು ಬಂದೇ ಬರುತ್ತವೆ. ಇದನ್ನು ಮನಸ್ಸಿನಲ್ಲಿ ಇಟ್ಟುಕೊಂಡು ಪಕ್ಷದ ಕಾರ್ಯಕರ್ತರು ಪಕ್ಷ ಸಂಘಟನೆ ಮಾಡಬೇಕು ಎಂದರು. ಮುಂದಿನ ದಿನಗಳಲ್ಲಿ ಜಿಲ್ಲಾ ಪಂಚಾಯತಿ ಹಾಗೂ ತಾಲ್ಲೂಕು ಪಂಚಾಯತಿ ಚುನಾವಣೆ ನಡೆಯಲಿದ್ದು, ವಿಧಾನಸಭೆ ಚುನಾವಣೆಯಲ್ಲಿ ಕಾಂಗ್ರೆಸ್ ಪಕ್ಷದ ಅಭ್ಯರ್ಥಿಗಳನ್ನು ಗೆಲ್ಲಿಸಬೇಕು. ತಾಲ್ಲೂಕು ಗ್ಯಾರಂಟಿ ಅನುಷ್ಠಾನ ಸಮಿತಿ ಪ್ರತಿ ಜಯರಾಮ್ ಮಾತನಾಡಿ ನಮ್ಮ ನಾಯಕರಾದ ಶ್ರೇಯಸ್ ಎಂ ಪಟೇಲ್ ಹಾಗೂ ಮುರುಳಿ ಮೋಹನ್‌ರವರು ನನ್ನ ಮೇಲೆ ವಿಶ್ವಾಸವಿಟ್ಟು ಅಧ್ಯಕ್ಷರನ್ನಾಗಿ ಮಾಡಿದ್ದಾರೆ. ಅವರಿಗೆ ಹಾಗೂ ಪಕ್ಷಕ್ಕೆ ಚ್ಯುತಿ ಬಾರದಂತೆ ಪ್ರಾಮಾಣಿಕವಾಗಿ ಕರ್ತವ್ಯ ನಿರ್ವಹಿಸುತ್ತೇನೆ ಎಂದರು.
ಮನೆ ಮನೆ ಕವಿಗೋಷ್ಠಿ ನೂತನ ಸಂಚಾಲಕರಾಗಿ ಆಯ್ಕೆ
ಭೀಮ ವಿಜಯ ನ್ಯೂಸ್
ಲೇಖಕ, ಕವಯಿತ್ರಿ, ಸಂಘಟಕಿಯಾದ ಶ್ರೀಮತಿ ಸುಜಾತ ಮುಖಂಡ ರವರು ಈಗಾಗಲೇ ಲೇಖಕಿಯಾಗಿ ಬಳಗದ ಅಧ್ಯಕ್ಷೆಯಾಗಿ, ಪತ್ರಿಕಾ ಸಂಯೋಜಕಿಯಾಗಿ ಉತ್ತಮ ಕಾರ್ಯ ನಿರ್ವಹಿಸಿದ್ದು ಅನೇಕ ಪ್ರಶಸ್ತಿ, ಗೌರವಗಳನ್ನು
ಸ್ವೀಕರಿಸಿದ್ದಾರೆ. ನಿಕಟಪೂರ್ವ ಸಂಚಾಲಕರ ಅವಧಿ ಪೂರ್ಣಗೊಂಡ ಹಿನ್ನೆಲೆಯಲ್ಲಿ ನೂತನ ಸಂಚಾಲಕರಾಗಿ ಆಯ್ಕೆ ಪ್ರಕ್ರಿಯೆ ಕವಿಗೋಷ್ಠಿ ಕಾರ್ಯಕ್ರಮ ಮುಗಿದ ಬಳಿಕ ನಡೆಯಿತು. ನೆರೆದಿದ್ದ ಎಲ್ಲಾ ಸದಸ್ಯರು ಶ್ರೀಮತಿ ಸುಜಾತ ಮುಖಂಡ ರವರ ಹೆಸರನ್ನು
ಸೂಚಿಸಿ ಸರ್ವಾನುಮತದಿಂದ ಆಯ್ಕೆಯಾದರು. ಸಭೆಯಲ್ಲಿ ಸುಮಿತ್ರಾದೇವಿ ಮೂರ್ತಿ, ಶಾಂತಲಾ, ಮಲ್ಲೇಶ್, ಜಿ ಹಾಸನ, ಸೌಮ್ಯ ಪ್ರಸಾದ್, ರೇಖಾ ಪ್ರಕಾಶ್, ವಾಣಿ ಮಹೇಶ್, ಹೆಚ್.ಎಸ್.ಭಾರತಿ, ನಾಗೇಂದ್ರ ಪ್ರಸಾದ್, ಕೆ.ವಿ.ತಮ್ಮಣ್ಣಯ್ಯ, ಬಿ. ಲಲಿತ ಎಸ್, ಕಮಲಮ್ಮ, ಪ್ರಜ್ವಲ್ ಕೌಶಿಕ್, ಎಸ್.ಎಲ್.ಚನ್ನೇಗೌಡ, ಪರಮೇಶ, ಮಮತಾ, ಶ್ರೀಮತಿ ಸಾವಿತ್ರಿ ಬಿ.ಗೌಡ, ಮತ್ತು ಸ್ವರಾಜ್ ಪ್ರೇಮ ಆರ್.ಜಿ.ಗಿರೀಶ್ ಹಾಗೂ ಮಹೇಶ್, ಜಯರಾಂ ಅವರಿಗೆ ಮತ್ತು ಪಿ.ಪಿ. ಹಾಗು ಮತ್ತಿತರರು ಉಪಸ್ಥಿತರಿದ್ದರು.
ಬೆಸ್ಟ್ ಪಿಯು ಕಾಲೇಜಿಗೆ ಶೇ.96 ಫಲಿತಾಂಶ
ಹಾಸನ: ದ್ವಿತೀಯ ಪಿಯುಸಿ ಪರೀಕ್ಷೆಯಲ್ಲಿ ನಗರದ ಬೆಸ್ಟ್ ಪಿ.ಯು. ಕಾಲೇಜಿಗೆ ಶೇ.96 ರಷ್ಟು ಫಲಿತಾಂಶ ದೊರೆತ್ತಿದೆ ಎಂದು ಆಡಳಿತ ಮಂಡಳಿ ತಿಳಿಸಿದೆ. ಕಾಲೇಜಿನ 60 ವಿದ್ಯಾರ್ಥಿಗಳು ಪರೀಕ್ಷೆಗೆ ಎದುರಿಸಿದ್ದು, ಕಾಲೇಜಿನ ವಿದ್ಯಾರ್ಥಿಗಳಾದ ಬೃಂದ (ಶೇ.87), ನವ್ಯಶ್ರೀ (ಶೇ.86), ಚೈತ್ರ (ಶೇ.86), ಸಲಂ ಭಾನು (ಶೇ.85) ಪಡೆದುಕೊಂಡಿದ್ದಾರೆ. ಇನ್ನುಳಿದಂತೆ ಕಾಲೇಜಿನ 8ಜನ ಅತ್ಯುನ್ನತ ಶ್ರೇಣಿ ಪಡೆದುಕೊಂಡಿದ್ದು, 34 ವಿದ್ಯಾರ್ಥಿಗಳು ಪ್ರಥಮ, 16 ದ್ವಿತೀಯ ದರ್ಜೆಯಲ್ಲಿ ತೇರ್ಗಡೆಯಾಗಿದ್ದಾರೆ ಎಂದು ತಿಳಿಸಲಾಗಿದೆ.
